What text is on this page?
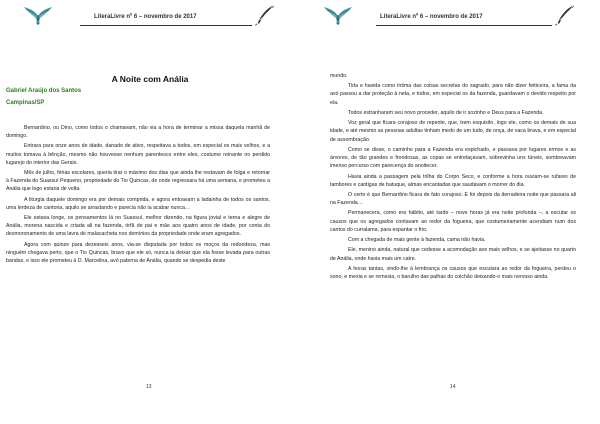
LiteraLivre nº 6 – novembro de 2017
A Noite com Anália
Gabriel Araújo dos Santos
Campinas/SP

Bernardino, ou Dino, como todos o chamavam, não via a hora de terminar a missa daquela manhã de domingo.

Entrara para onze anos de idade, danado de ativo, respeitava a todos, em especial os mais velhos, e a muitos tomava à bênção, mesmo não houvesse nenhum parentesco entre eles, costume reinante no perdido lugarejo do interior das Gerais.

Mês de julho, férias escolares, queria tirar o máximo dos dias que ainda lhe restavam de folga e retornar à Fazenda do Suassuí Pequeno, propriedade do Tio Quincas, de onde regressara há uma semana, e prometeu a Anália que logo estaria de volta.

A liturgia daquele domingo era por demais comprida, e agora entoavam a ladainha de todos os santos, uma lerdeza de cantoria, aquilo se arrastando e parecia não ia acabar nunca…

Ele estava longe, os pensamentos lá no Suassuí, melhor dizendo, na figura jovial e terna e alegre de Anália, morena nascida e criada ali na fazenda, órfã de pai e mãe aos quatro anos de idade, por conta do desmoronamento de uma lavra de malacacheta nos domínios da propriedade onde eram agregados.

Agora com quinze para dezesseis anos, via-se disputada por todos os moços da redondeza, mas ninguém chegava perto, que o Tio Quincas, bravo que ele só, nunca ia deixar que ela fosse levada para outras bandas, e isso ele prometeu à D. Marcelina, avó paterna de Anália, quando se despedia deste

13
LiteraLivre nº 6 – novembro de 2017

mundo.

Tida e havida como íntima das coisas secretas do sagrado, para não dizer feiticeira, a fama da avó passou a dar proteção à neta, e todos, em especial os da fazenda, guardavam o devido respeito por ela.

Todos estranharam seu novo proceder, aquilo de ir sozinho e Deus para a Fazenda.

Voz geral que ficara corajoso de repente, que, trem esquisito, logo ele, como os demais de sua idade, e até mesmo as pessoas adultas tinham medo de um tudo, de onça, de vaca brava, e em especial de assombração.

Como se disse, o caminho para a Fazenda era espichado, e passava por lugares ermos e as árvores, de tão grandes e frondosas, as copas se entrelaçavam, sobrevinha uns túneis, sombreavam imenso percurso com parecença do anoitecer.

Havia ainda a passagem pela trilha do Corpo Seco, e conforme a hora ouviam-se rufares de tambores e cantigas de batuque, almas encantadas que saudavam o morrer do dia.

O certo é que Bernardino ficara de fato corajoso. E foi depois da derradeira noite que passara ali na Fazenda…

Permanecera, como era hábito, até tarde – nove horas já era noite profunda –, a escutar os causos que os agregados contavam ao redor da fogueira, que costumeiramente acendiam num dos cantos do curralama, para espantar o frio.

Com a chegada de mais gente à fazenda, cama não havia.

Ele, menino ainda, natural que cedesse a acomodação aos mais velhos, e se ajeitasse no quarto de Anália, onde havia mais um catre.

A horas tantas, vindo-lhe à lembrança os causos que escutara ao redor da fogueira, perdeu o sono, e mexia e se remexia, o barulho das palhas do colchão deixando-o mais nervoso ainda.

14
